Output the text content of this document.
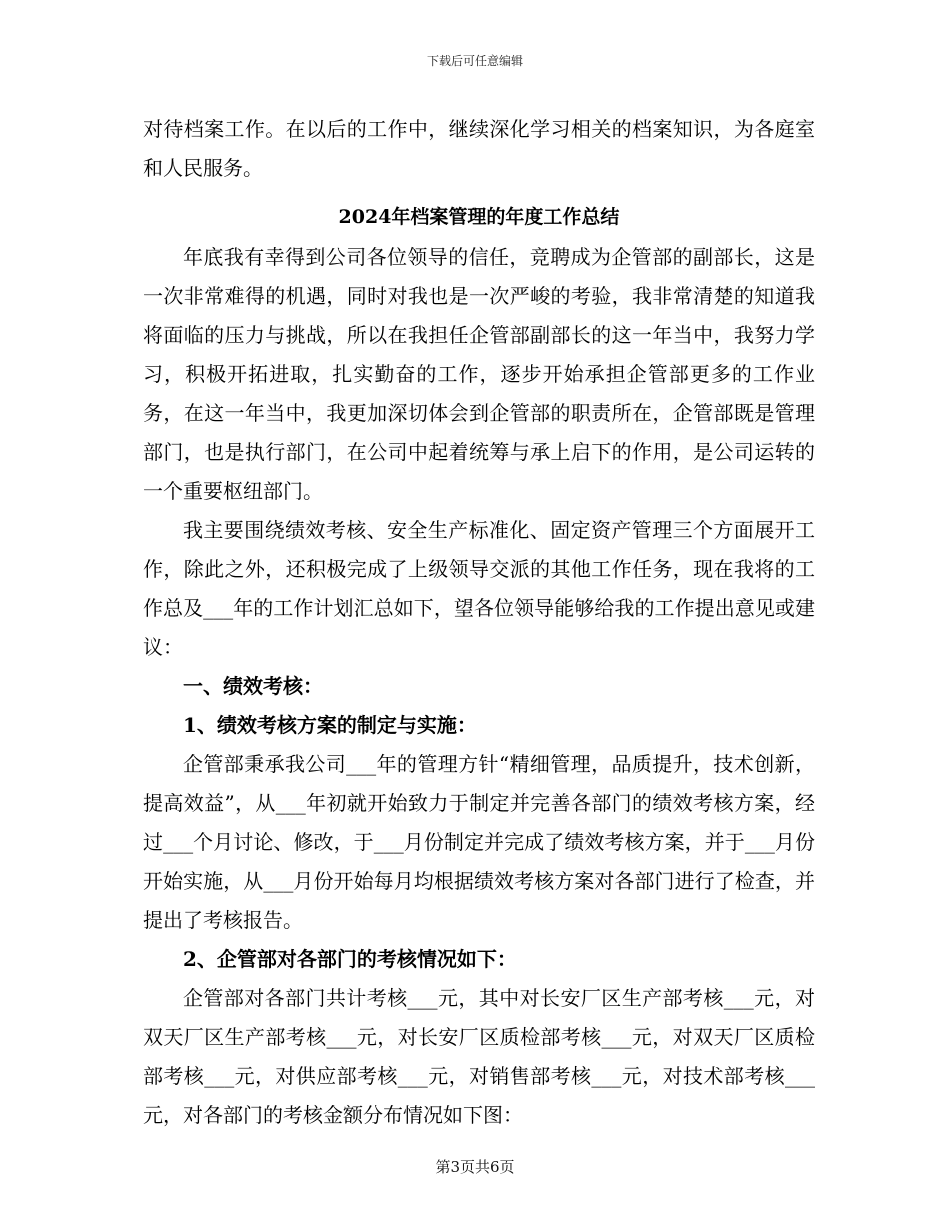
下载后可任意编辑

对待档案工作。在以后的工作中，继续深化学习相关的档案知识，为各庭室和人民服务。

2024年档案管理的年度工作总结

年底我有幸得到公司各位领导的信任，竞聘成为企管部的副部长，这是一次非常难得的机遇，同时对我也是一次严峻的考验，我非常清楚的知道我将面临的压力与挑战，所以在我担任企管部副部长的这一年当中，我努力学习，积极开拓进取，扎实勤奋的工作，逐步开始承担企管部更多的工作业务，在这一年当中，我更加深切体会到企管部的职责所在，企管部既是管理部门，也是执行部门，在公司中起着统筹与承上启下的作用，是公司运转的一个重要枢纽部门。

我主要围绕绩效考核、安全生产标准化、固定资产管理三个方面展开工作，除此之外，还积极完成了上级领导交派的其他工作任务，现在我将的工作总及___年的工作计划汇总如下，望各位领导能够给我的工作提出意见或建议：

一、绩效考核：

1、绩效考核方案的制定与实施：

企管部秉承我公司___年的管理方针“精细管理，品质提升，技术创新，提高效益”，从___年初就开始致力于制定并完善各部门的绩效考核方案，经过___个月讨论、修改，于___月份制定并完成了绩效考核方案，并于___月份开始实施，从___月份开始每月均根据绩效考核方案对各部门进行了检查，并提出了考核报告。

2、企管部对各部门的考核情况如下：

企管部对各部门共计考核___元，其中对长安厂区生产部考核___元，对双天厂区生产部考核___元，对长安厂区质检部考核___元，对双天厂区质检部考核___元，对供应部考核___元，对销售部考核___元，对技术部考核___元，对各部门的考核金额分布情况如下图：

第3页共6页
